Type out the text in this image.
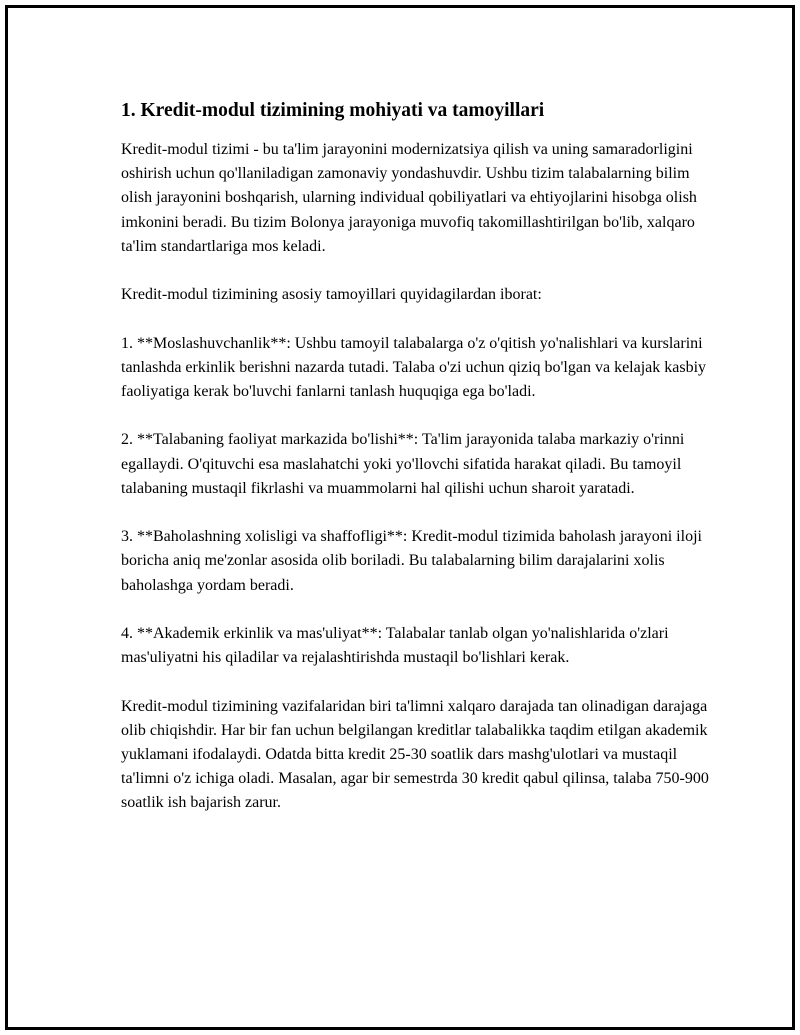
1. Kredit-modul tizimining mohiyati va tamoyillari

Kredit-modul tizimi - bu ta'lim jarayonini modernizatsiya qilish va uning samaradorligini oshirish uchun qo'llaniladigan zamonaviy yondashuvdir. Ushbu tizim talabalarning bilim olish jarayonini boshqarish, ularning individual qobiliyatlari va ehtiyojlarini hisobga olish imkonini beradi. Bu tizim Bolonya jarayoniga muvofiq takomillashtirilgan bo'lib, xalqaro ta'lim standartlariga mos keladi.

Kredit-modul tizimining asosiy tamoyillari quyidagilardan iborat:

1. **Moslashuvchanlik**: Ushbu tamoyil talabalarga o'z o'qitish yo'nalishlari va kurslarini tanlashda erkinlik berishni nazarda tutadi. Talaba o'zi uchun qiziq bo'lgan va kelajak kasbiy faoliyatiga kerak bo'luvchi fanlarni tanlash huquqiga ega bo'ladi.

2. **Talabaning faoliyat markazida bo'lishi**: Ta'lim jarayonida talaba markaziy o'rinni egallaydi. O'qituvchi esa maslahatchi yoki yo'llovchi sifatida harakat qiladi. Bu tamoyil talabaning mustaqil fikrlashi va muammolarni hal qilishi uchun sharoit yaratadi.

3. **Baholashning xolisligi va shaffofligi**: Kredit-modul tizimida baholash jarayoni iloji boricha aniq me'zonlar asosida olib boriladi. Bu talabalarning bilim darajalarini xolis baholashga yordam beradi.

4. **Akademik erkinlik va mas'uliyat**: Talabalar tanlab olgan yo'nalishlarida o'zlari mas'uliyatni his qiladilar va rejalashtirishda mustaqil bo'lishlari kerak.

Kredit-modul tizimining vazifalaridan biri ta'limni xalqaro darajada tan olinadigan darajaga olib chiqishdir. Har bir fan uchun belgilangan kreditlar talabalikka taqdim etilgan akademik yuklamani ifodalaydi. Odatda bitta kredit 25-30 soatlik dars mashg'ulotlari va mustaqil ta'limni o'z ichiga oladi. Masalan, agar bir semestrda 30 kredit qabul qilinsa, talaba 750-900 soatlik ish bajarish zarur.
